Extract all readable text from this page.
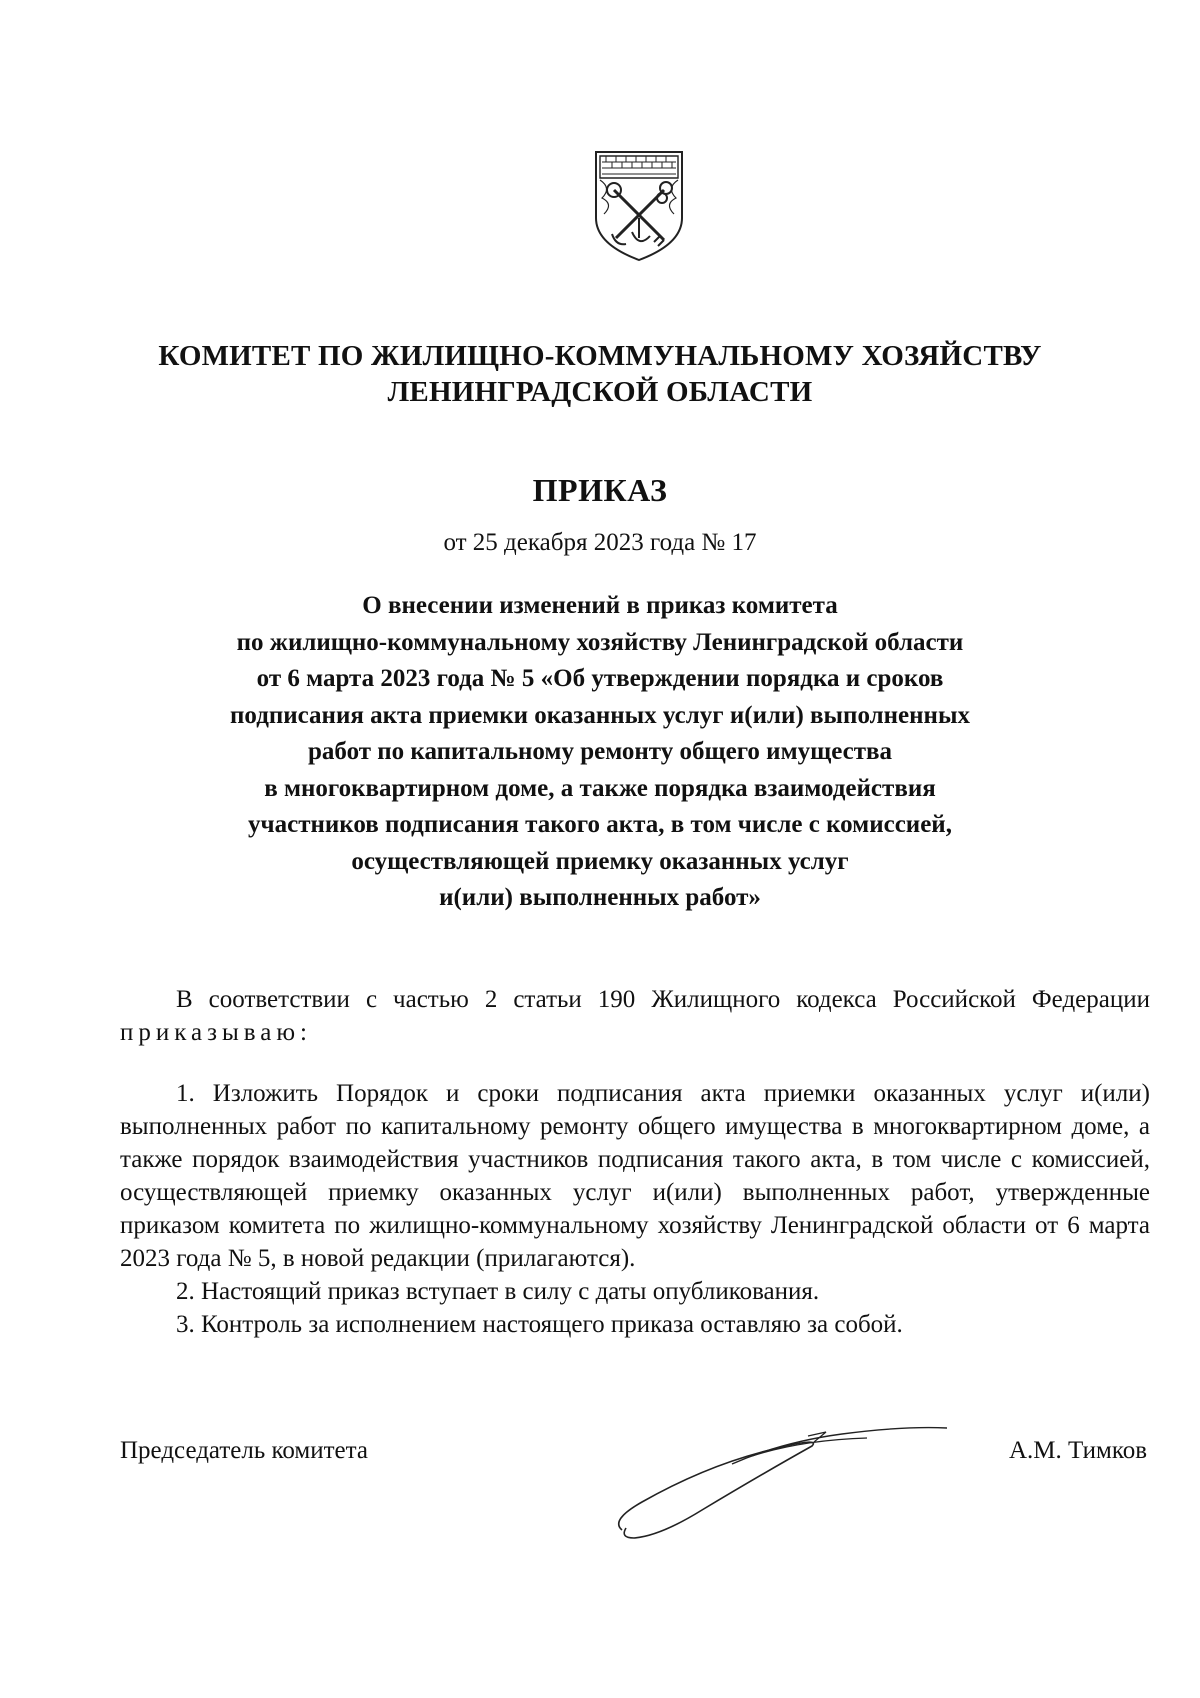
КОМИТЕТ ПО ЖИЛИЩНО-КОММУНАЛЬНОМУ ХОЗЯЙСТВУ
ЛЕНИНГРАДСКОЙ ОБЛАСТИ
ПРИКАЗ
от 25 декабря 2023 года № 17
О внесении изменений в приказ комитета
по жилищно-коммунальному хозяйству Ленинградской области
от 6 марта 2023 года № 5 «Об утверждении порядка и сроков
подписания акта приемки оказанных услуг и(или) выполненных
работ по капитальному ремонту общего имущества
в многоквартирном доме, а также порядка взаимодействия
участников подписания такого акта, в том числе с комиссией,
осуществляющей приемку оказанных услуг
и(или) выполненных работ»

В соответствии с частью 2 статьи 190 Жилищного кодекса Российской Федерации приказываю:

1. Изложить Порядок и сроки подписания акта приемки оказанных услуг и(или) выполненных работ по капитальному ремонту общего имущества в многоквартирном доме, а также порядок взаимодействия участников подписания такого акта, в том числе с комиссией, осуществляющей приемку оказанных услуг и(или) выполненных работ, утвержденные приказом комитета по жилищно-коммунальному хозяйству Ленинградской области от 6 марта 2023 года № 5, в новой редакции (прилагаются).

2. Настоящий приказ вступает в силу с даты опубликования.

3. Контроль за исполнением настоящего приказа оставляю за собой.

Председатель комитета	А.М. Тимков
